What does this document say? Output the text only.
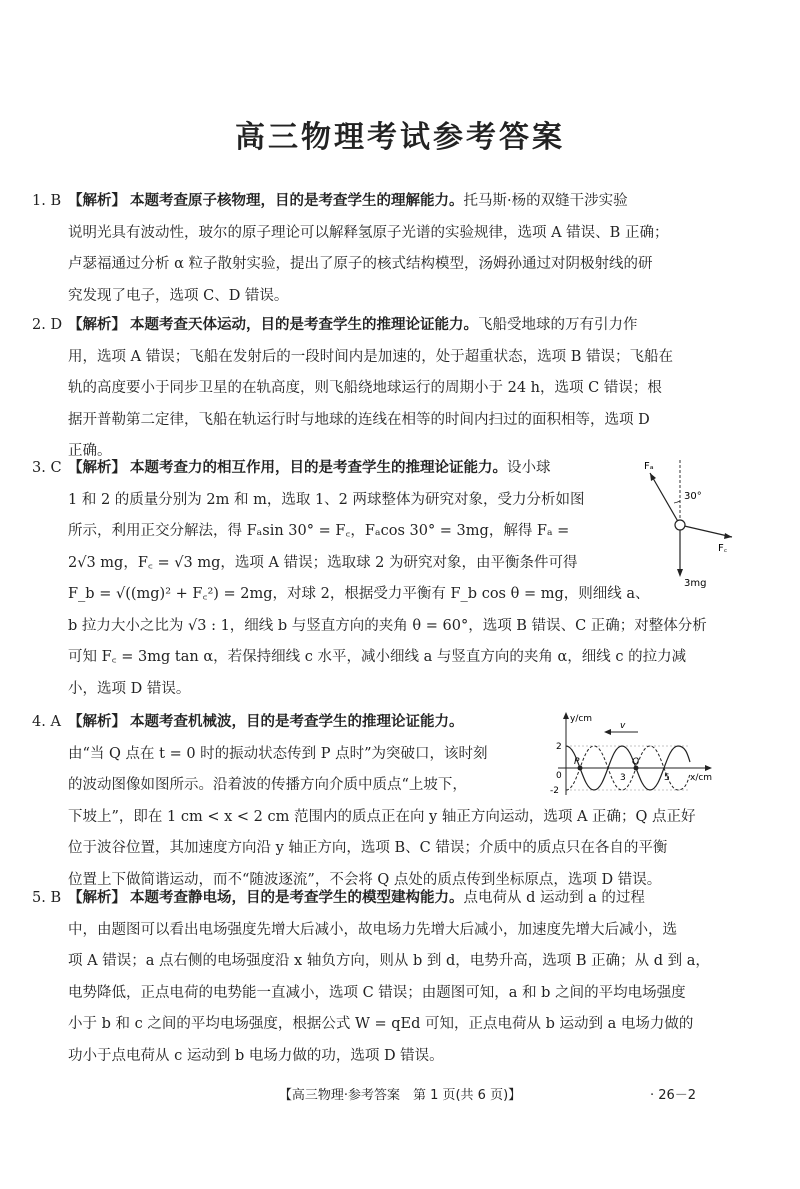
高三物理考试参考答案
1. B 【解析】 本题考查原子核物理，目的是考查学生的理解能力。托马斯·杨的双缝干涉实验
说明光具有波动性，玻尔的原子理论可以解释氢原子光谱的实验规律，选项 A 错误、B 正确；
卢瑟福通过分析 α 粒子散射实验，提出了原子的核式结构模型，汤姆孙通过对阴极射线的研
究发现了电子，选项 C、D 错误。
2. D 【解析】 本题考查天体运动，目的是考查学生的推理论证能力。飞船受地球的万有引力作
用，选项 A 错误；飞船在发射后的一段时间内是加速的，处于超重状态，选项 B 错误；飞船在
轨的高度要小于同步卫星的在轨高度，则飞船绕地球运行的周期小于 24 h，选项 C 错误；根
据开普勒第二定律，飞船在轨运行时与地球的连线在相等的时间内扫过的面积相等，选项 D
正确。
3. C 【解析】 本题考查力的相互作用，目的是考查学生的推理论证能力。设小球
1 和 2 的质量分别为 2m 和 m，选取 1、2 两球整体为研究对象，受力分析如图
所示，利用正交分解法，得 Fₐsin 30° = F꜀，Fₐcos 30° = 3mg，解得 Fₐ =
2√3 mg，F꜀ = √3 mg，选项 A 错误；选取球 2 为研究对象，由平衡条件可得
F_b = √((mg)² + F꜀²) = 2mg，对球 2，根据受力平衡有 F_b cos θ = mg，则细线 a、
b 拉力大小之比为 √3 : 1，细线 b 与竖直方向的夹角 θ = 60°，选项 B 错误、C 正确；对整体分析
可知 F꜀ = 3mg tan α，若保持细线 c 水平，减小细线 a 与竖直方向的夹角 α，细线 c 的拉力减
小，选项 D 错误。
Fₐ
30°
F꜀
3mg
4. A 【解析】 本题考查机械波，目的是考查学生的推理论证能力。
由“当 Q 点在 t = 0 时的振动状态传到 P 点时”为突破口，该时刻
的波动图像如图所示。沿着波的传播方向介质中质点“上坡下，
下坡上”，即在 1 cm < x < 2 cm 范围内的质点正在向 y 轴正方向运动，选项 A 正确；Q 点正好
位于波谷位置，其加速度方向沿 y 轴正方向，选项 B、C 错误；介质中的质点只在各自的平衡
位置上下做简谐运动，而不“随波逐流”，不会将 Q 点处的质点传到坐标原点，选项 D 错误。
y/cm
x/cm
v
P	Q
2
-2
0	3	5
5. B 【解析】 本题考查静电场，目的是考查学生的模型建构能力。点电荷从 d 运动到 a 的过程
中，由题图可以看出电场强度先增大后减小，故电场力先增大后减小，加速度先增大后减小，选
项 A 错误；a 点右侧的电场强度沿 x 轴负方向，则从 b 到 d，电势升高，选项 B 正确；从 d 到 a，
电势降低，正点电荷的电势能一直减小，选项 C 错误；由题图可知，a 和 b 之间的平均电场强度
小于 b 和 c 之间的平均电场强度，根据公式 W = qEd 可知，正点电荷从 b 运动到 a 电场力做的
功小于点电荷从 c 运动到 b 电场力做的功，选项 D 错误。
【高三物理·参考答案　第 1 页(共 6 页)】	· 26－2
